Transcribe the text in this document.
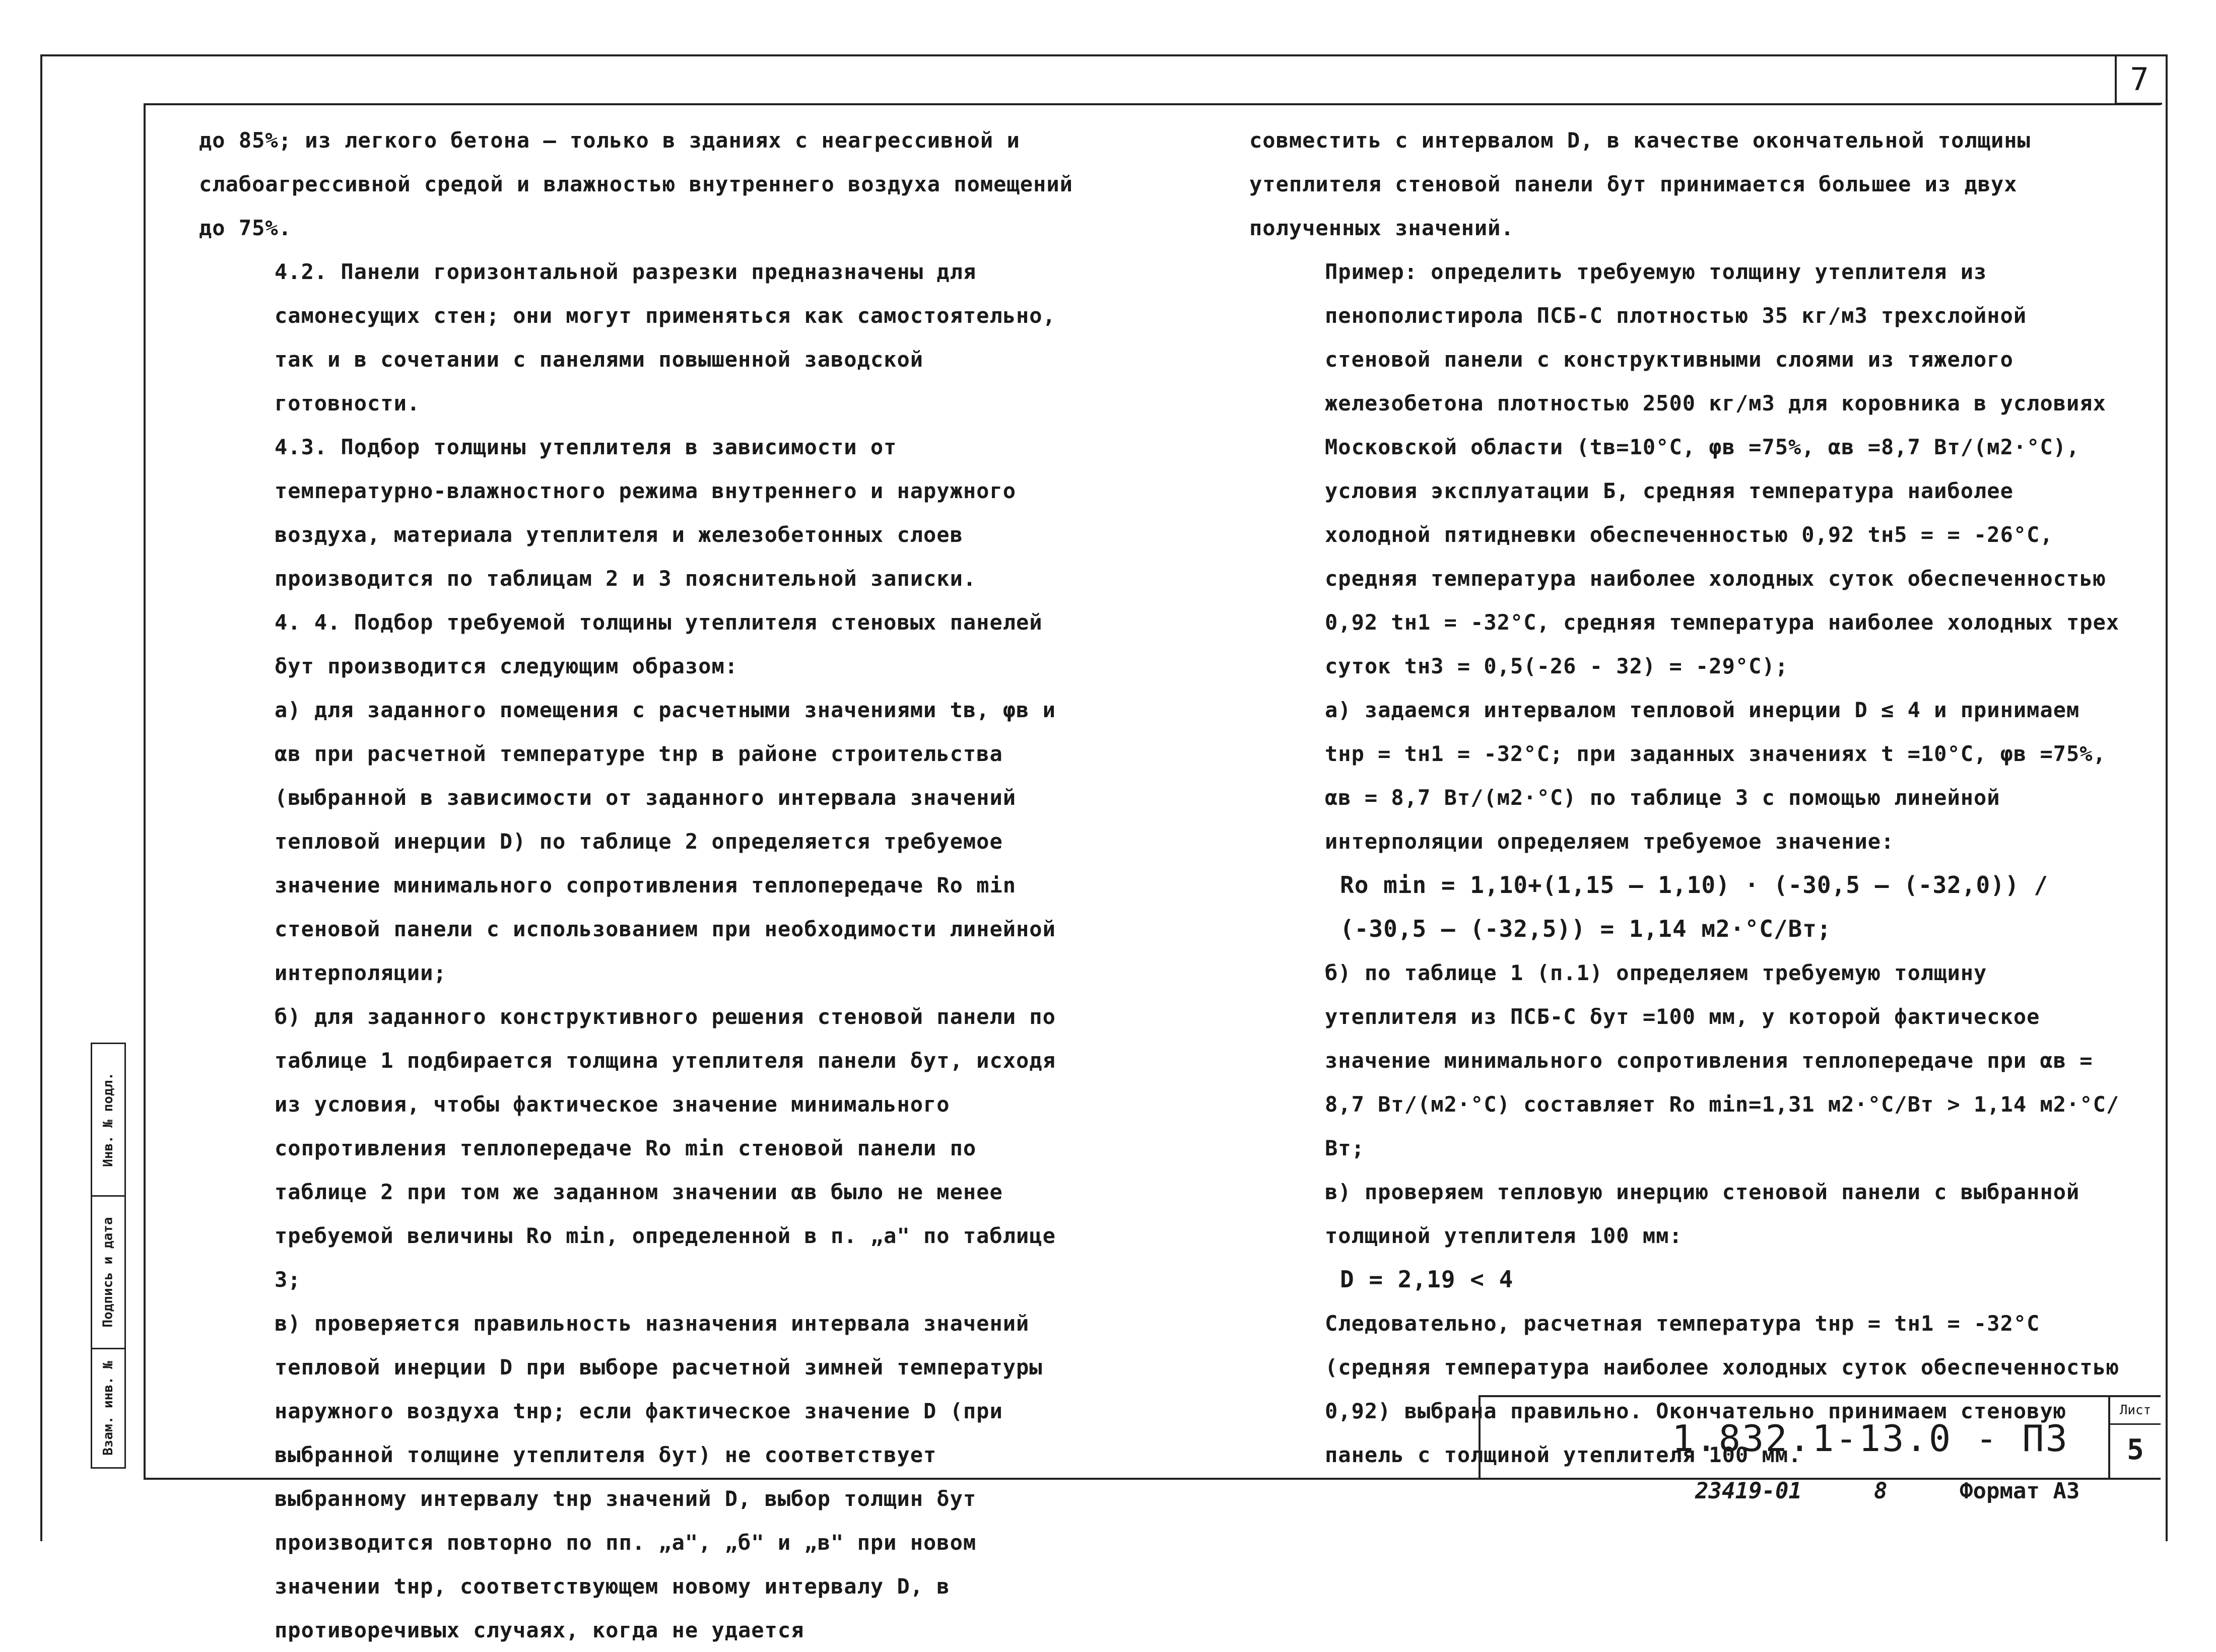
7

до 85%; из легкого бетона – только в зданиях с неагрессивной и слабоагрессивной средой и влажностью внутреннего воздуха помещений до 75%.

4.2. Панели горизонтальной разрезки предназначены для самонесущих стен; они могут применяться как самостоятельно, так и в сочетании с панелями повышенной заводской готовности.

4.3. Подбор толщины утеплителя в зависимости от температурно-влажностного режима внутреннего и наружного воздуха, материала утеплителя и железобетонных слоев производится по таблицам 2 и 3 пояснительной записки.

4. 4. Подбор требуемой толщины утеплителя стеновых панелей δут производится следующим образом:

а) для заданного помещения с расчетными значениями tв, φв и αв при расчетной температуре tнр в районе строительства (выбранной в зависимости от заданного интервала значений тепловой инерции D) по таблице 2 определяется требуемое значение минимального сопротивления теплопередаче Ro min стеновой панели с использованием при необходимости линейной интерполяции;

б) для заданного конструктивного решения стеновой панели по таблице 1 подбирается толщина утеплителя панели δут, исходя из условия, чтобы фактическое значение минимального сопротивления теплопередаче Ro min стеновой панели по таблице 2 при том же заданном значении αв было не менее требуемой величины Ro min, определенной в п. „а" по таблице 3;

в) проверяется правильность назначения интервала значений тепловой инерции D при выборе расчетной зимней температуры наружного воздуха tнр; если фактическое значение D (при выбранной толщине утеплителя δут) не соответствует выбранному интервалу tнр значений D, выбор толщин δут производится повторно по пп. „а", „б" и „в" при новом значении tнр, соответствующем новому интервалу D, в противоречивых случаях, когда не удается

совместить с интервалом D, в качестве окончательной толщины утеплителя стеновой панели δут принимается большее из двух полученных значений.

Пример: определить требуемую толщину утеплителя из пенополистирола ПСБ-С плотностью 35 кг/м3 трехслойной стеновой панели с конструктивными слоями из тяжелого железобетона плотностью 2500 кг/м3 для коровника в условиях Московской области (tв=10°С, φв =75%, αв =8,7 Вт/(м2·°С), условия эксплуатации Б, средняя температура наиболее холодной пятидневки обеспеченностью 0,92 tн5 = = -26°С, средняя температура наиболее холодных суток обеспеченностью 0,92 tн1 = -32°С, средняя температура наиболее холодных трех суток tн3 = 0,5(-26 - 32) = -29°С);

а) задаемся интервалом тепловой инерции D ≤ 4 и принимаем tнр = tн1 = -32°С; при заданных значениях t =10°С, φв =75%, αв = 8,7 Вт/(м2·°С) по таблице 3 с помощью линейной интерполяции определяем требуемое значение:

Ro min = 1,10+(1,15 – 1,10) · (-30,5 – (-32,0)) / (-30,5 – (-32,5)) = 1,14 м2·°С/Вт;

б) по таблице 1 (п.1) определяем требуемую толщину утеплителя из ПСБ-С δут =100 мм, у которой фактическое значение минимального сопротивления теплопередаче при αв = 8,7 Вт/(м2·°С) составляет Ro min=1,31 м2·°С/Вт > 1,14 м2·°С/Вт;

в) проверяем тепловую инерцию стеновой панели с выбранной толщиной утеплителя 100 мм:

D = 2,19 < 4

Следовательно, расчетная температура tнр = tн1 = -32°С (средняя температура наиболее холодных суток обеспеченностью 0,92) выбрана правильно. Окончательно принимаем стеновую панель с толщиной утеплителя 100 мм.

Инв. № подл.
Подпись и дата
Взам. инв. №	1.832.1-13.0 - ПЗ
Лист
5
23419-01	8	Формат А3
